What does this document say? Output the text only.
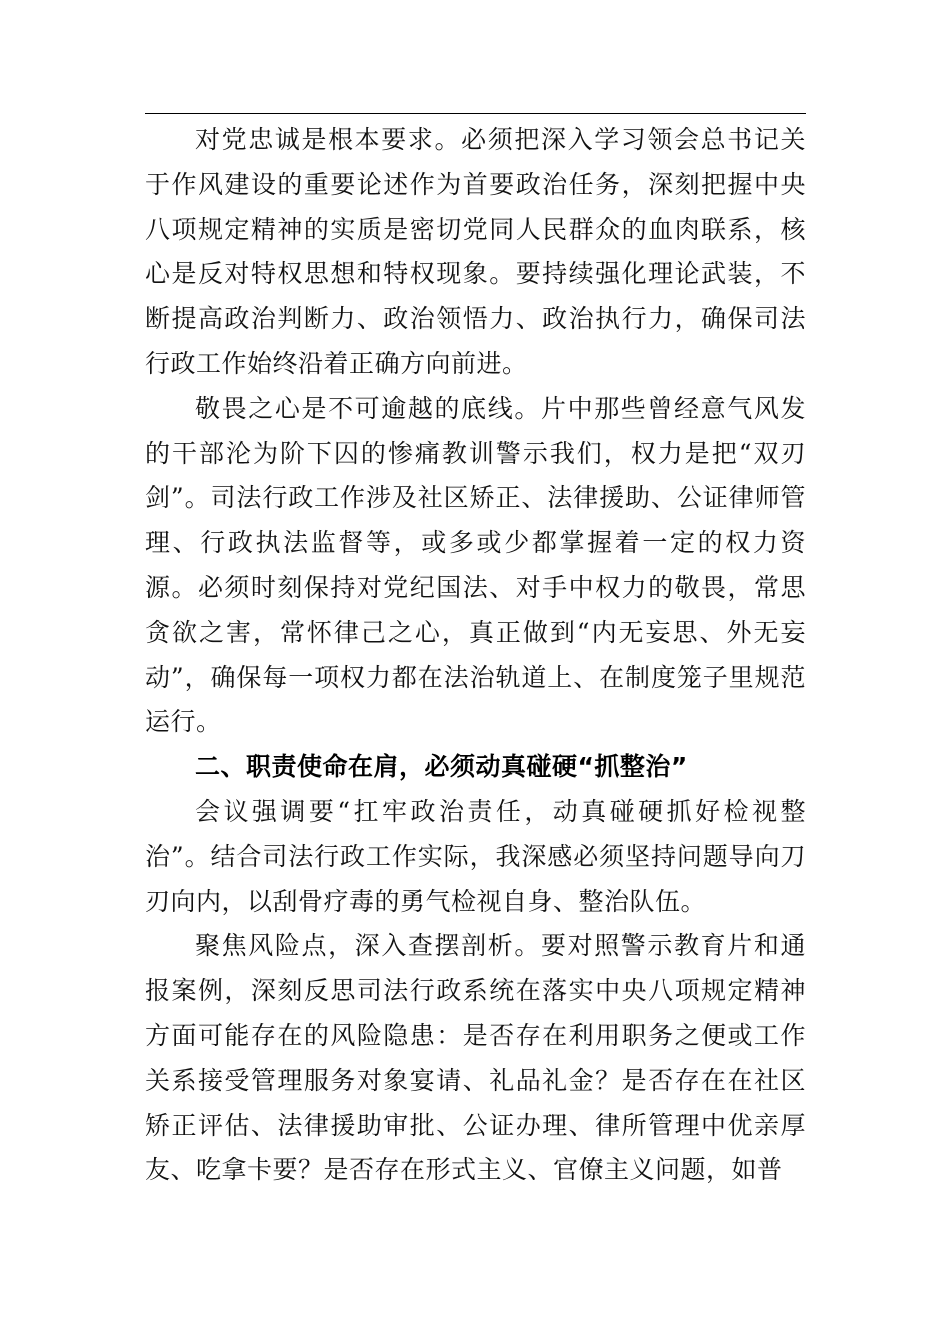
对党忠诚是根本要求。必须把深入学习领会总书记关于作风建设的重要论述作为首要政治任务，深刻把握中央八项规定精神的实质是密切党同人民群众的血肉联系，核心是反对特权思想和特权现象。要持续强化理论武装，不断提高政治判断力、政治领悟力、政治执行力，确保司法行政工作始终沿着正确方向前进。

敬畏之心是不可逾越的底线。片中那些曾经意气风发的干部沦为阶下囚的惨痛教训警示我们，权力是把“双刃剑”。司法行政工作涉及社区矫正、法律援助、公证律师管理、行政执法监督等，或多或少都掌握着一定的权力资源。必须时刻保持对党纪国法、对手中权力的敬畏，常思贪欲之害，常怀律己之心，真正做到“内无妄思、外无妄动”，确保每一项权力都在法治轨道上、在制度笼子里规范运行。

二、职责使命在肩，必须动真碰硬“抓整治”

会议强调要“扛牢政治责任，动真碰硬抓好检视整治”。结合司法行政工作实际，我深感必须坚持问题导向刀刃向内，以刮骨疗毒的勇气检视自身、整治队伍。

聚焦风险点，深入查摆剖析。要对照警示教育片和通报案例，深刻反思司法行政系统在落实中央八项规定精神方面可能存在的风险隐患：是否存在利用职务之便或工作关系接受管理服务对象宴请、礼品礼金？是否存在在社区矫正评估、法律援助审批、公证办理、律所管理中优亲厚友、吃拿卡要？是否存在形式主义、官僚主义问题，如普
